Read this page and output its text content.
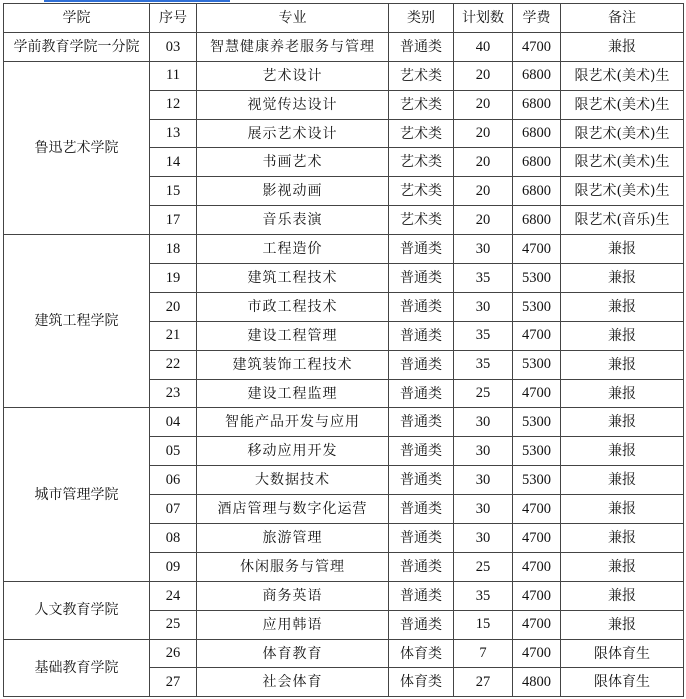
学院	序号	专业	类别	计划数	学费	备注
学前教育学院一分院	03	智慧健康养老服务与管理	普通类	40	4700	兼报
鲁迅艺术学院	11	艺术设计	艺术类	20	6800	限艺术(美术)生
	12	视觉传达设计	艺术类	20	6800	限艺术(美术)生
	13	展示艺术设计	艺术类	20	6800	限艺术(美术)生
	14	书画艺术	艺术类	20	6800	限艺术(美术)生
	15	影视动画	艺术类	20	6800	限艺术(美术)生
	17	音乐表演	艺术类	20	6800	限艺术(音乐)生
建筑工程学院	18	工程造价	普通类	30	4700	兼报
	19	建筑工程技术	普通类	35	5300	兼报
	20	市政工程技术	普通类	30	5300	兼报
	21	建设工程管理	普通类	35	4700	兼报
	22	建筑装饰工程技术	普通类	35	5300	兼报
	23	建设工程监理	普通类	25	4700	兼报
城市管理学院	04	智能产品开发与应用	普通类	30	5300	兼报
	05	移动应用开发	普通类	30	5300	兼报
	06	大数据技术	普通类	30	5300	兼报
	07	酒店管理与数字化运营	普通类	30	4700	兼报
	08	旅游管理	普通类	30	4700	兼报
	09	休闲服务与管理	普通类	25	4700	兼报
人文教育学院	24	商务英语	普通类	35	4700	兼报
	25	应用韩语	普通类	15	4700	兼报
基础教育学院	26	体育教育	体育类	7	4700	限体育生
	27	社会体育	体育类	27	4800	限体育生
